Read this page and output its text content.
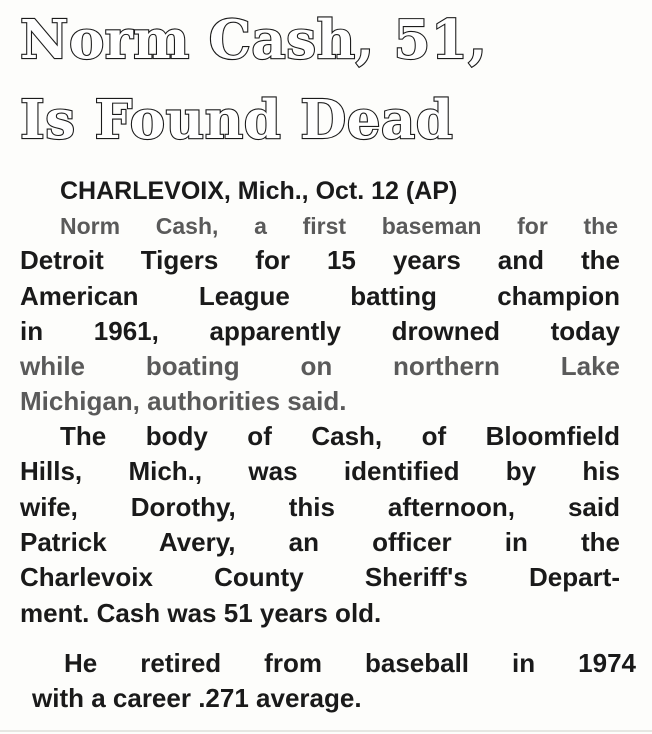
Norm Cash, 51,
Is Found Dead
CHARLEVOIX, Mich., Oct. 12 (AP)
Norm Cash, a first baseman for the
Detroit Tigers for 15 years and the
American League batting champion
in 1961, apparently drowned today
while boating on northern Lake
Michigan, authorities said.
The body of Cash, of Bloomfield
Hills, Mich., was identified by his
wife, Dorothy, this afternoon, said
Patrick Avery, an officer in the
Charlevoix County Sheriff's Depart-
ment. Cash was 51 years old.
He retired from baseball in 1974
with a career .271 average.
